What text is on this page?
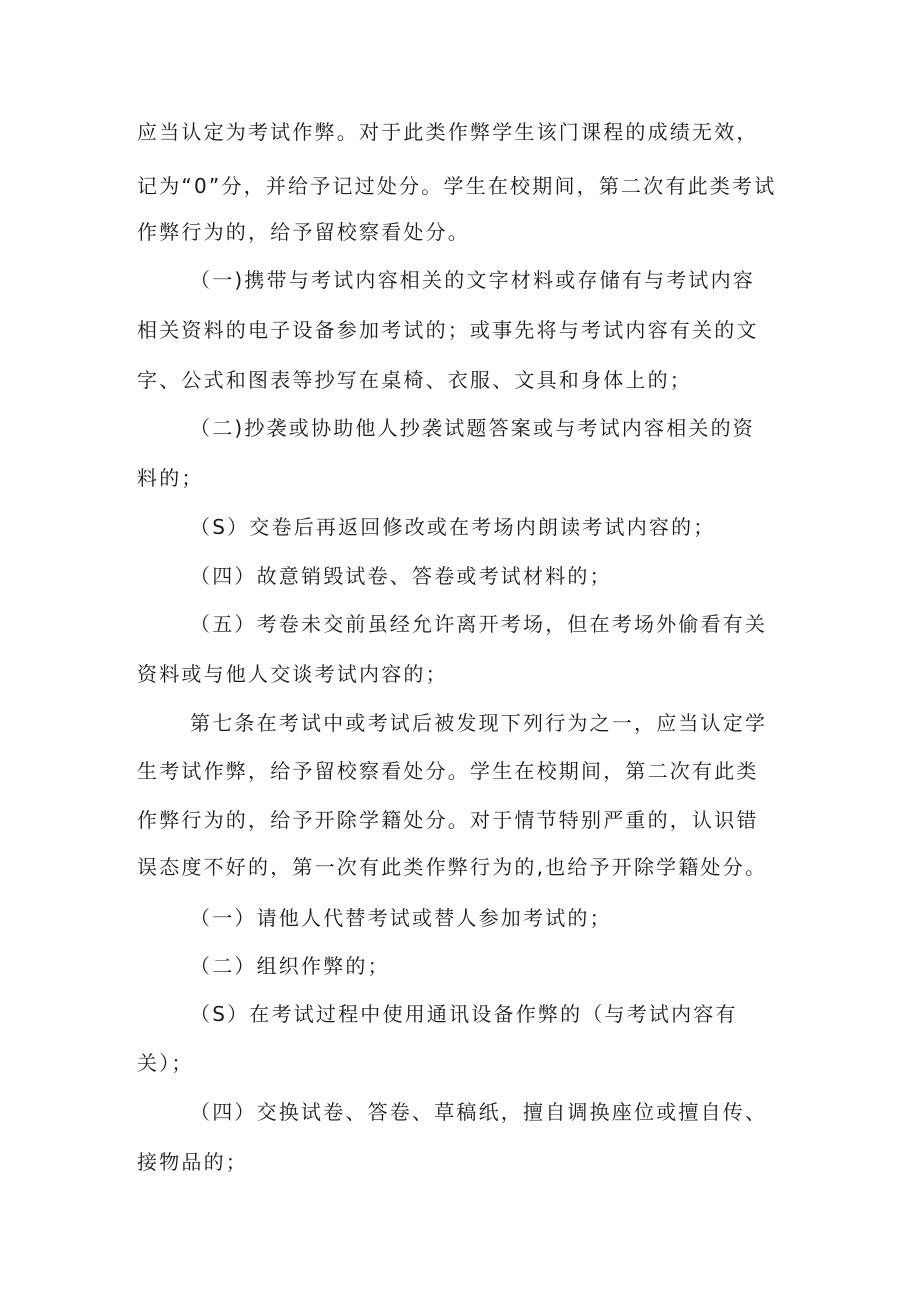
应当认定为考试作弊。对于此类作弊学生该门课程的成绩无效，
记为“0”分，并给予记过处分。学生在校期间，第二次有此类考试
作弊行为的，给予留校察看处分。
（一)携带与考试内容相关的文字材料或存储有与考试内容
相关资料的电子设备参加考试的；或事先将与考试内容有关的文
字、公式和图表等抄写在桌椅、衣服、文具和身体上的；
（二)抄袭或协助他人抄袭试题答案或与考试内容相关的资
料的；
（S）交卷后再返回修改或在考场内朗读考试内容的；
（四）故意销毁试卷、答卷或考试材料的；
（五）考卷未交前虽经允许离开考场，但在考场外偷看有关
资料或与他人交谈考试内容的；
第七条在考试中或考试后被发现下列行为之一，应当认定学
生考试作弊，给予留校察看处分。学生在校期间，第二次有此类
作弊行为的，给予开除学籍处分。对于情节特别严重的，认识错
误态度不好的，第一次有此类作弊行为的,也给予开除学籍处分。
（一）请他人代替考试或替人参加考试的；
（二）组织作弊的；
（S）在考试过程中使用通讯设备作弊的（与考试内容有
关）；
（四）交换试卷、答卷、草稿纸，擅自调换座位或擅自传、
接物品的；
